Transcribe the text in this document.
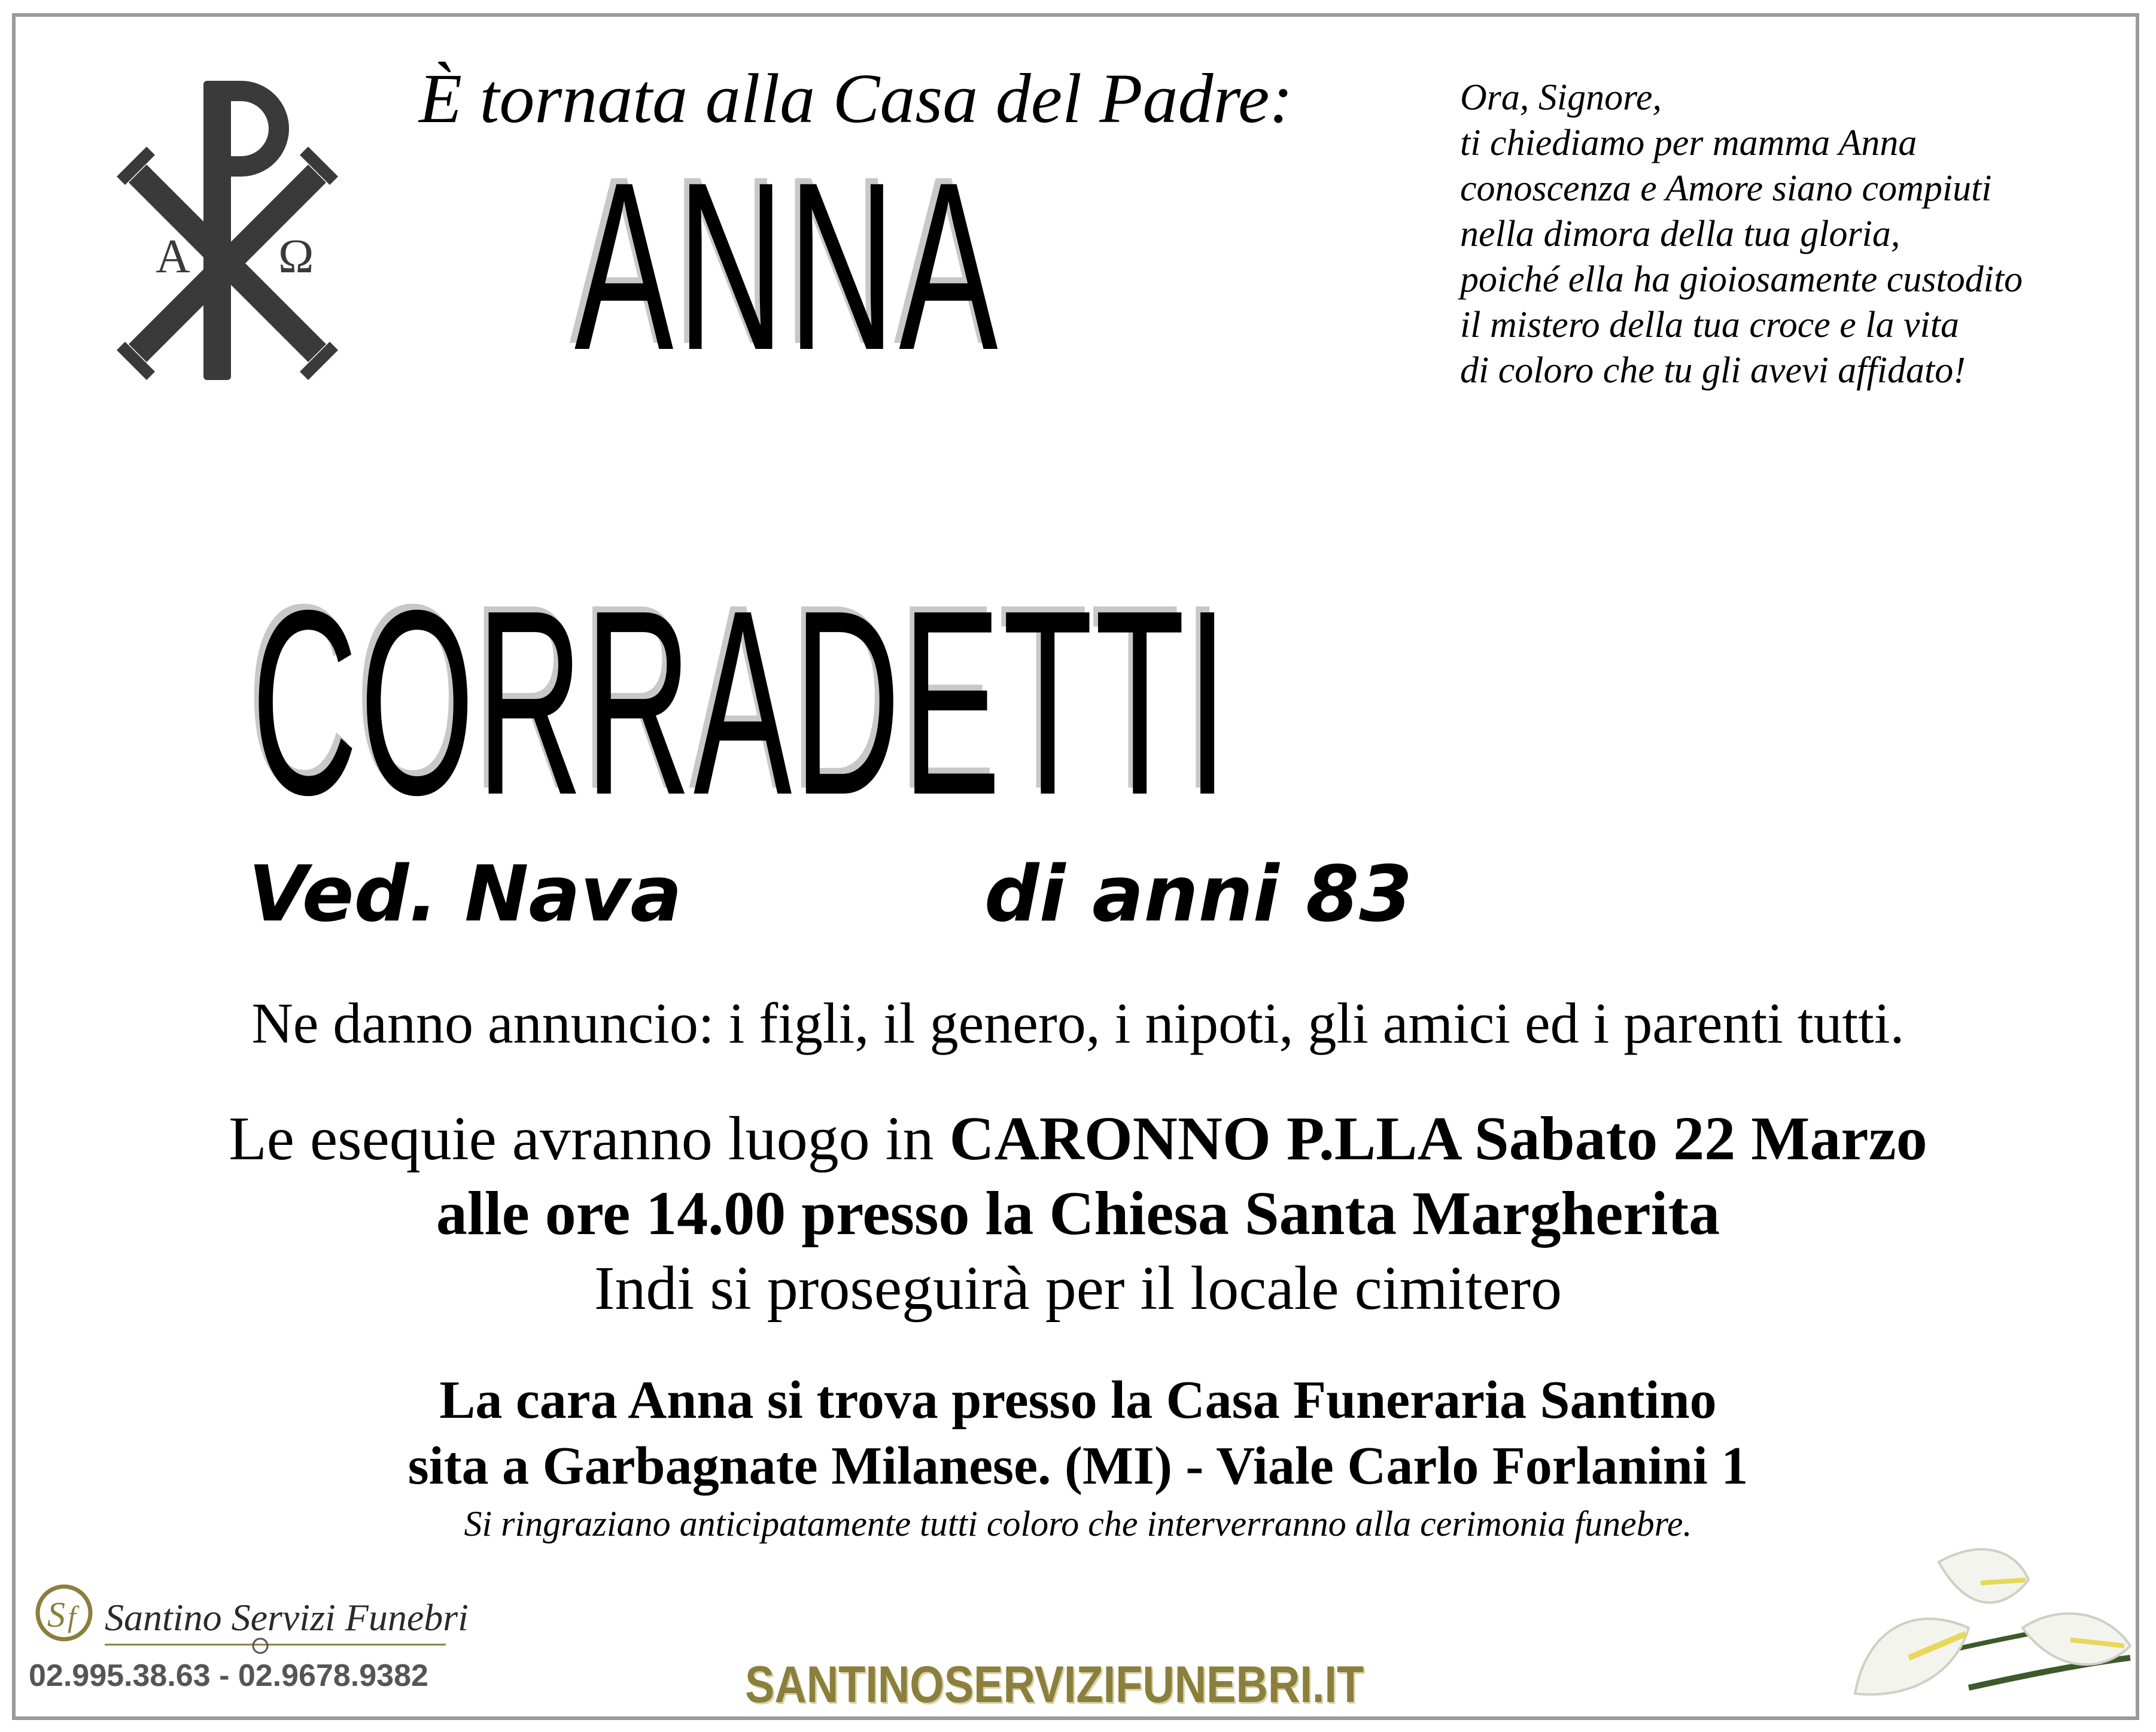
A Ω
È tornata alla Casa del Padre:	Ora, Signore,
ti chiediamo per mamma Anna
conoscenza e Amore siano compiuti
nella dimora della tua gloria,
poiché ella ha gioiosamente custodito
il mistero della tua croce e la vita
di coloro che tu gli avevi affidato!
ANNA
CORRADETTI
Ved. Nava	di anni 83
Ne danno annuncio: i figli, il genero, i nipoti, gli amici ed i parenti tutti.
Le esequie avranno luogo in CARONNO P.LLA Sabato 22 Marzo
alle ore 14.00 presso la Chiesa Santa Margherita
Indi si proseguirà per il locale cimitero
La cara Anna si trova presso la Casa Funeraria Santino
sita a Garbagnate Milanese. (MI) - Viale Carlo Forlanini 1
Si ringraziano anticipatamente tutti coloro che interverranno alla cerimonia funebre.
S f Santino Servizi Funebri
02.995.38.63 - 02.9678.9382	SANTINOSERVIZIFUNEBRI.IT
